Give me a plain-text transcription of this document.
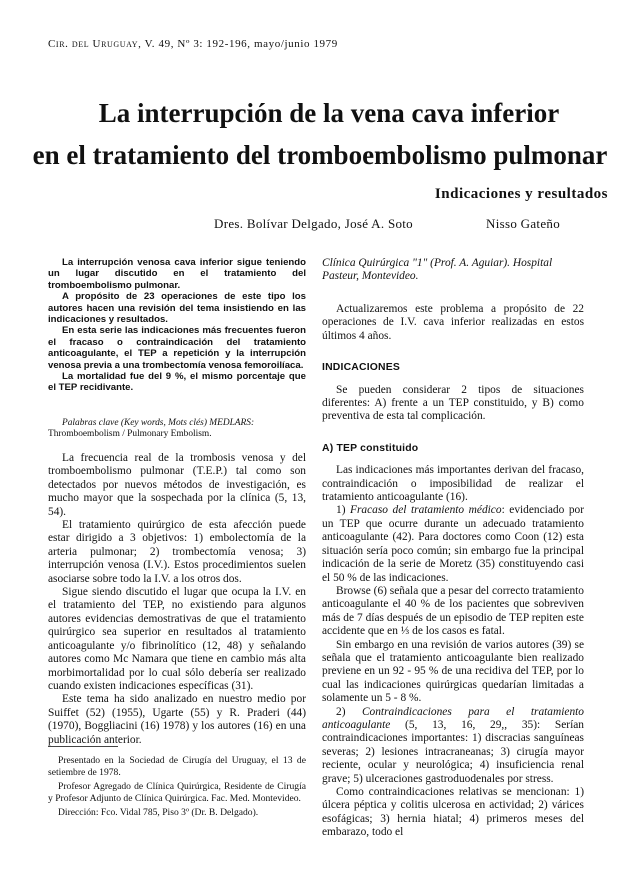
Cir. del Uruguay, V. 49, Nº 3: 192-196, mayo/junio 1979
La interrupción de la vena cava inferior
en el tratamiento del tromboembolismo pulmonar
Indicaciones y resultados
Dres. Bolívar Delgado, José A. Soto	Nisso Gateño

La interrupción venosa cava inferior sigue teniendo un lugar discutido en el tratamiento del tromboembolismo pulmonar.

A propósito de 23 operaciones de este tipo los autores hacen una revisión del tema insistiendo en las indicaciones y resultados.

En esta serie las indicaciones más frecuentes fueron el fracaso o contraindicación del tratamiento anticoagulante, el TEP a repetición y la interrupción venosa previa a una trombectomía venosa femoroilíaca.

La mortalidad fue del 9 %, el mismo porcentaje que el TEP recidivante.

Palabras clave (Key words, Mots clés) MEDLARS:
Thromboembolism / Pulmonary Embolism.

La frecuencia real de la trombosis venosa y del tromboembolismo pulmonar (T.E.P.) tal como son detectados por nuevos métodos de investigación, es mucho mayor que la sospechada por la clínica (5, 13, 54).

El tratamiento quirúrgico de esta afección puede estar dirigido a 3 objetivos: 1) embolectomía de la arteria pulmonar; 2) trombectomía venosa; 3) interrupción venosa (I.V.). Estos procedimientos suelen asociarse sobre todo la I.V. a los otros dos.

Sigue siendo discutido el lugar que ocupa la I.V. en el tratamiento del TEP, no existiendo para algunos autores evidencias demostrativas de que el tratamiento quirúrgico sea superior en resultados al tratamiento anticoagulante y/o fibrinolítico (12, 48) y señalando autores como Mc Namara que tiene en cambio más alta morbimortalidad por lo cual sólo debería ser realizado cuando existen indicaciones específicas (31).

Este tema ha sido analizado en nuestro medio por Suiffet (52) (1955), Ugarte (55) y R. Praderi (44) (1970), Boggliacini (16) 1978) y los autores (16) en una publicación anterior.

Presentado en la Sociedad de Cirugía del Uruguay, el 13 de setiembre de 1978.

Profesor Agregado de Clínica Quirúrgica, Residente de Cirugía y Profesor Adjunto de Clínica Quirúrgica. Fac. Med. Montevideo.

Dirección: Fco. Vidal 785, Piso 3º (Dr. B. Delgado).

Clínica Quirúrgica "1" (Prof. A. Aguiar). Hospital Pasteur, Montevideo.

Actualizaremos este problema a propósito de 22 operaciones de I.V. cava inferior realizadas en estos últimos 4 años.

INDICACIONES

Se pueden considerar 2 tipos de situaciones diferentes: A) frente a un TEP constituido, y B) como preventiva de esta tal complicación.

A) TEP constituido

Las indicaciones más importantes derivan del fracaso, contraindicación o imposibilidad de realizar el tratamiento anticoagulante (16).

1) Fracaso del tratamiento médico: evidenciado por un TEP que ocurre durante un adecuado tratamiento anticoagulante (42). Para doctores como Coon (12) esta situación sería poco común; sin embargo fue la principal indicación de la serie de Moretz (35) constituyendo casi el 50 % de las indicaciones.

Browse (6) señala que a pesar del correcto tratamiento anticoagulante el 40 % de los pacientes que sobreviven más de 7 días después de un episodio de TEP repiten este accidente que en ⅓ de los casos es fatal.

Sin embargo en una revisión de varios autores (39) se señala que el tratamiento anticoagulante bien realizado previene en un 92 - 95 % de una recidiva del TEP, por lo cual las indicaciones quirúrgicas quedarían limitadas a solamente un 5 - 8 %.

2) Contraindicaciones para el tratamiento anticoagulante (5, 13, 16, 29,, 35): Serían contraindicaciones importantes: 1) discracias sanguíneas severas; 2) lesiones intracraneanas; 3) cirugía mayor reciente, ocular y neurológica; 4) insuficiencia renal grave; 5) ulceraciones gastroduodenales por stress.

Como contraindicaciones relativas se mencionan: 1) úlcera péptica y colitis ulcerosa en actividad; 2) várices esofágicas; 3) hernia hiatal; 4) primeros meses del embarazo, todo el
